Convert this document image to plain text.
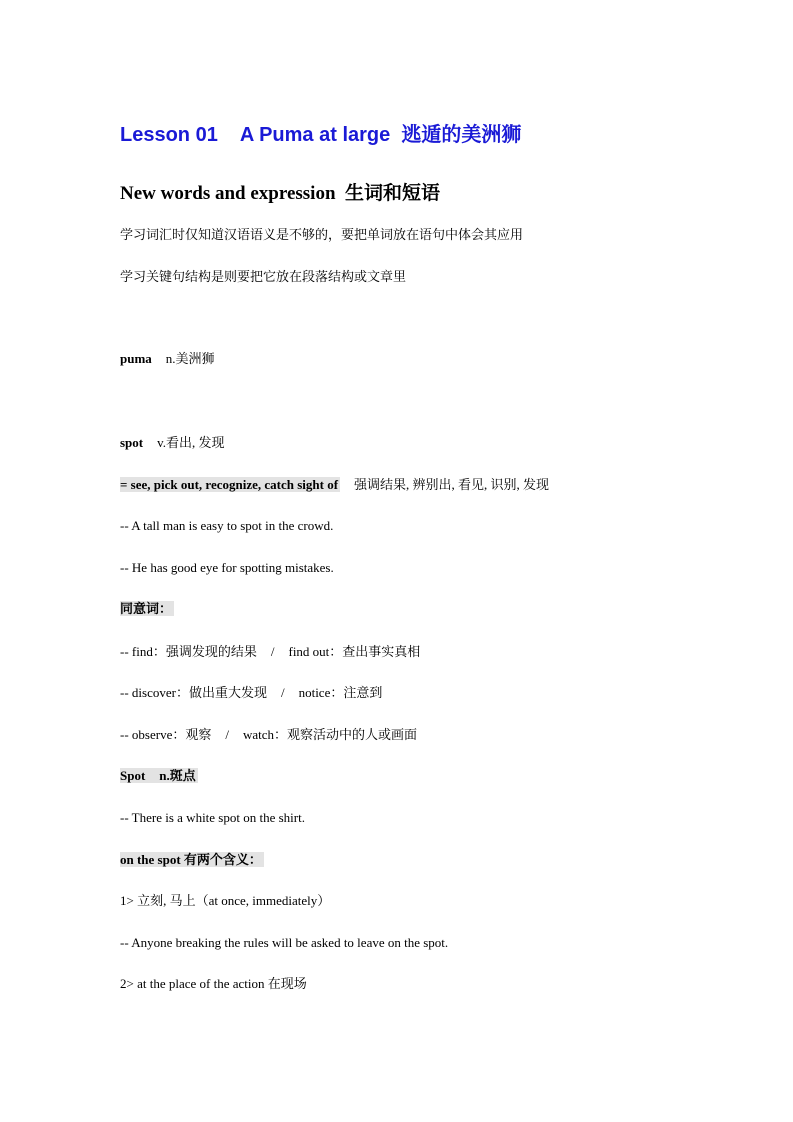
Lesson 01 A Puma at large 逃遁的美洲狮
New words and expression 生词和短语
学习词汇时仅知道汉语语义是不够的，要把单词放在语句中体会其应用
学习关键句结构是则要把它放在段落结构或文章里
puma n.美洲狮
spot v.看出, 发现
= see, pick out, recognize, catch sight of 强调结果, 辨别出, 看见, 识别, 发现
-- A tall man is easy to spot in the crowd.
-- He has good eye for spotting mistakes.
同意词：
-- find：强调发现的结果 / find out：查出事实真相
-- discover：做出重大发现 / notice：注意到
-- observe：观察 / watch：观察活动中的人或画面
Spot n.斑点
-- There is a white spot on the shirt.
on the spot 有两个含义：
1> 立刻, 马上（at once, immediately）
-- Anyone breaking the rules will be asked to leave on the spot.
2> at the place of the action 在现场
